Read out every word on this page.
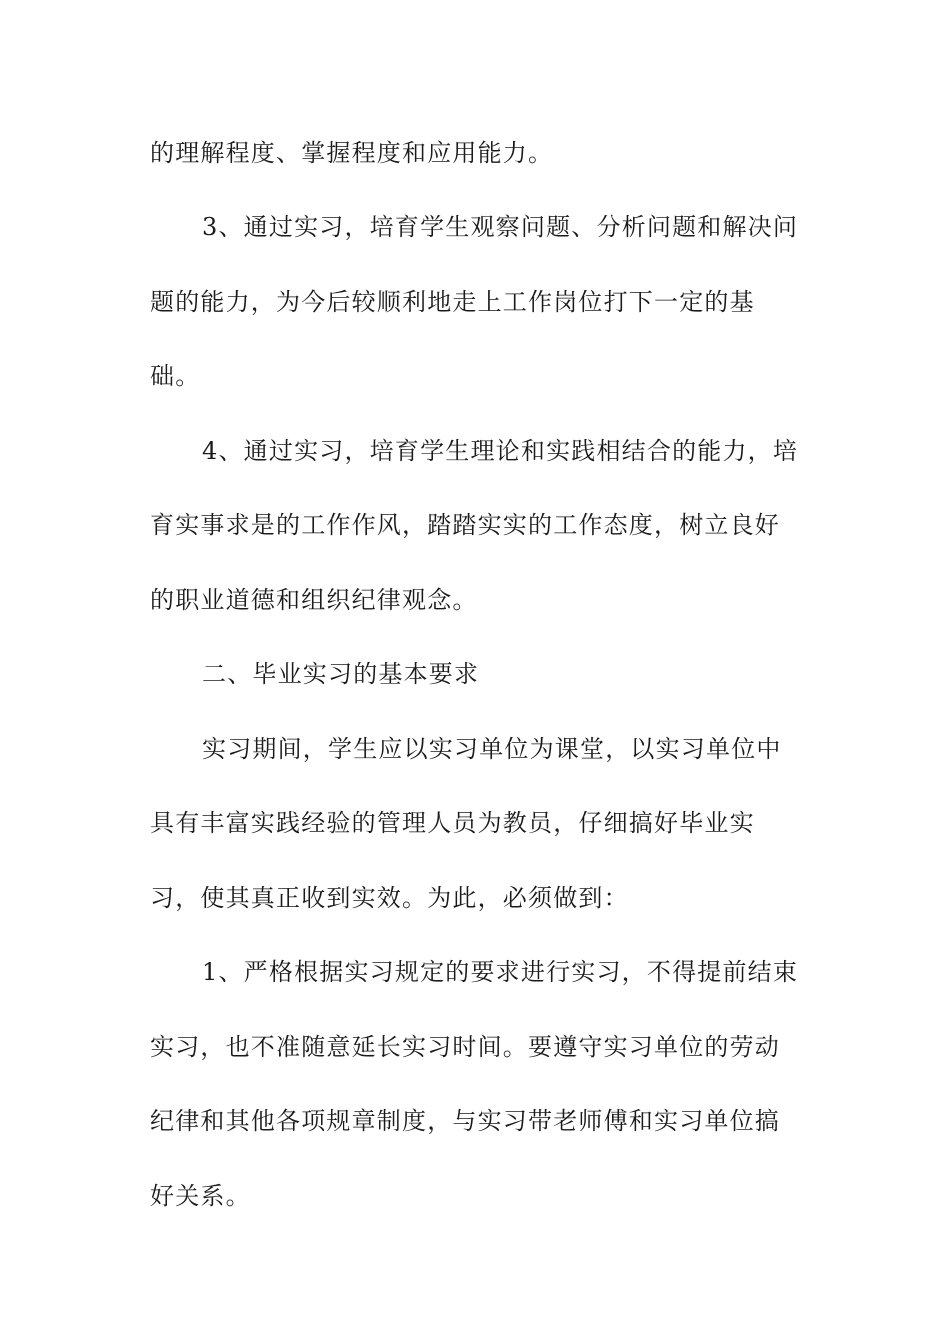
的理解程度、掌握程度和应用能力。
3、通过实习，培育学生观察问题、分析问题和解决问
题的能力，为今后较顺利地走上工作岗位打下一定的基
础。
4、通过实习，培育学生理论和实践相结合的能力，培
育实事求是的工作作风，踏踏实实的工作态度，树立良好
的职业道德和组织纪律观念。
二、毕业实习的基本要求
实习期间，学生应以实习单位为课堂，以实习单位中
具有丰富实践经验的管理人员为教员，仔细搞好毕业实
习，使其真正收到实效。为此，必须做到：
1、严格根据实习规定的要求进行实习，不得提前结束
实习，也不准随意延长实习时间。要遵守实习单位的劳动
纪律和其他各项规章制度，与实习带老师傅和实习单位搞
好关系。
